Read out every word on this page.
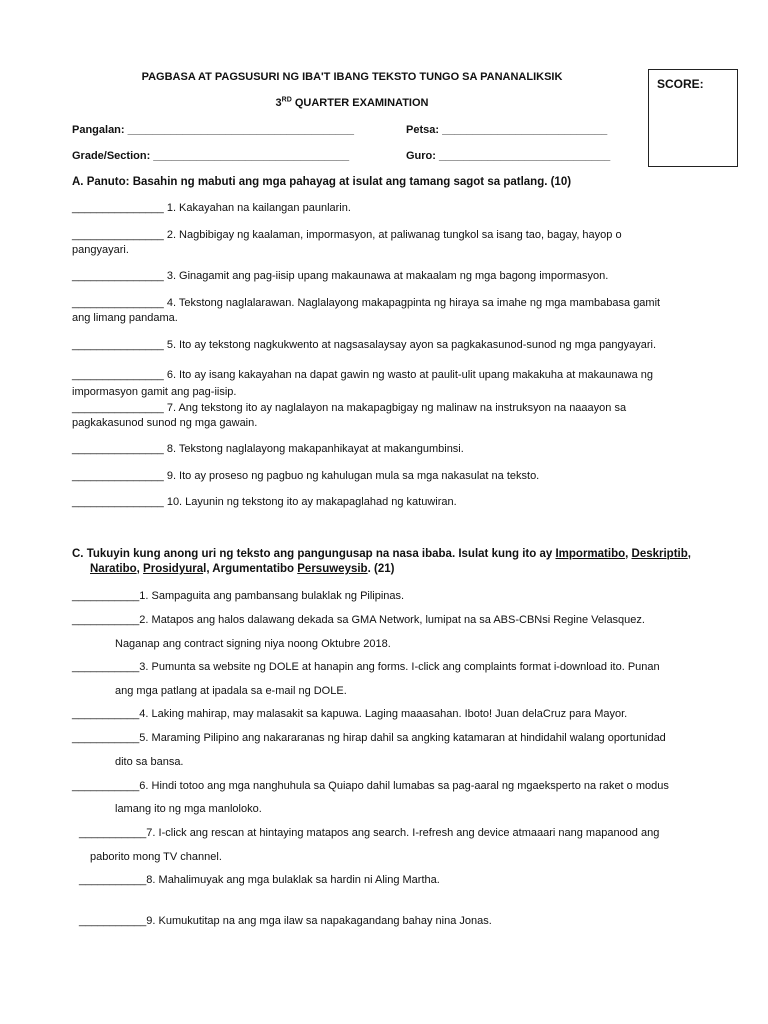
PAGBASA AT PAGSUSURI NG IBA'T IBANG TEKSTO TUNGO SA PANANALIKSIK
3RD QUARTER EXAMINATION
SCORE:
Pangalan: _____________________________________	Petsa: ___________________________
Grade/Section: ________________________________	Guro: ____________________________
A. Panuto: Basahin ng mabuti ang mga pahayag at isulat ang tamang sagot sa patlang. (10)
_______________ 1. Kakayahan na kailangan paunlarin.
_______________ 2. Nagbibigay ng kaalaman, impormasyon, at paliwanag tungkol sa isang tao, bagay, hayop o
pangyayari.
_______________ 3. Ginagamit ang pag-iisip upang makaunawa at makaalam ng mga bagong impormasyon.
_______________ 4. Tekstong naglalarawan. Naglalayong makapagpinta ng hiraya sa imahe ng mga mambabasa gamit
ang limang pandama.
_______________ 5. Ito ay tekstong nagkukwento at nagsasalaysay ayon sa pagkakasunod-sunod ng mga pangyayari.
_______________ 6. Ito ay isang kakayahan na dapat gawin ng wasto at paulit-ulit upang makakuha at makaunawa ng
impormasyon gamit ang pag-iisip.
_______________ 7. Ang tekstong ito ay naglalayon na makapagbigay ng malinaw na instruksyon na naaayon sa
pagkakasunod sunod ng mga gawain.
_______________ 8. Tekstong naglalayong makapanhikayat at makangumbinsi.
_______________ 9. Ito ay proseso ng pagbuo ng kahulugan mula sa mga nakasulat na teksto.
_______________ 10. Layunin ng tekstong ito ay makapaglahad ng katuwiran.
C. Tukuyin kung anong uri ng teksto ang pangungusap na nasa ibaba. Isulat kung ito ay Impormatibo, Deskriptib,
Naratibo, Prosidyural, Argumentatibo Persuweysib. (21)
___________1. Sampaguita ang pambansang bulaklak ng Pilipinas.
___________2. Matapos ang halos dalawang dekada sa GMA Network, lumipat na sa ABS-CBNsi Regine Velasquez.
Naganap ang contract signing niya noong Oktubre 2018.
___________3. Pumunta sa website ng DOLE at hanapin ang forms. I-click ang complaints format i-download ito. Punan
ang mga patlang at ipadala sa e-mail ng DOLE.
___________4. Laking mahirap, may malasakit sa kapuwa. Laging maaasahan. Iboto! Juan delaCruz para Mayor.
___________5. Maraming Pilipino ang nakararanas ng hirap dahil sa angking katamaran at hindidahil walang oportunidad
dito sa bansa.
___________6. Hindi totoo ang mga nanghuhula sa Quiapo dahil lumabas sa pag-aaral ng mgaeksperto na raket o modus
lamang ito ng mga manloloko.
___________7. I-click ang rescan at hintaying matapos ang search. I-refresh ang device atmaaari nang mapanood ang
paborito mong TV channel.
___________8. Mahalimuyak ang mga bulaklak sa hardin ni Aling Martha.
___________9. Kumukutitap na ang mga ilaw sa napakagandang bahay nina Jonas.
